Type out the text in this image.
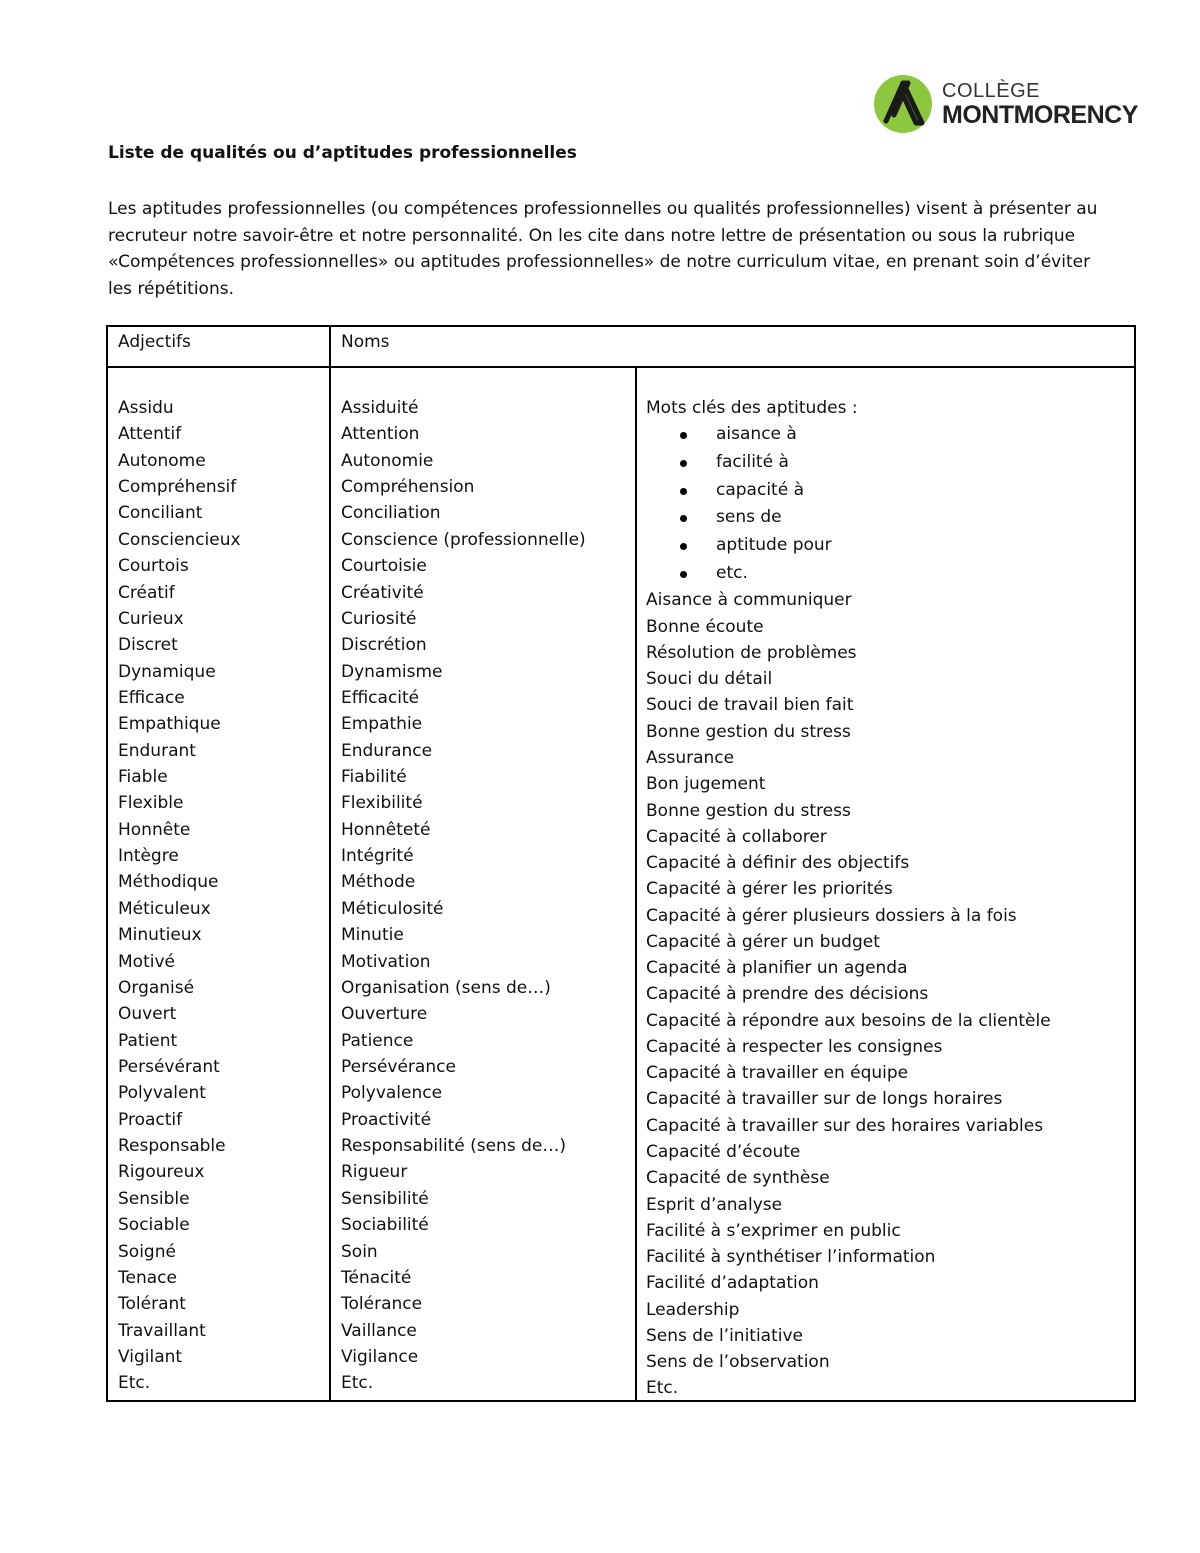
COLLÈGE
MONTMORENCY
Liste de qualités ou d’aptitudes professionnelles

Les aptitudes professionnelles (ou compétences professionnelles ou qualités professionnelles) visent à présenter au recruteur notre savoir-être et notre personnalité. On les cite dans notre lettre de présentation ou sous la rubrique «Compétences professionnelles» ou aptitudes professionnelles» de notre curriculum vitae, en prenant soin d’éviter les répétitions.

Adjectifs	Noms
Assidu
Attentif
Autonome
Compréhensif
Conciliant
Consciencieux
Courtois
Créatif
Curieux
Discret
Dynamique
Efficace
Empathique
Endurant
Fiable
Flexible
Honnête
Intègre
Méthodique
Méticuleux
Minutieux
Motivé
Organisé
Ouvert
Patient
Persévérant
Polyvalent
Proactif
Responsable
Rigoureux
Sensible
Sociable
Soigné
Tenace
Tolérant
Travaillant
Vigilant
Etc.
Assiduité
Attention
Autonomie
Compréhension
Conciliation
Conscience (professionnelle)
Courtoisie
Créativité
Curiosité
Discrétion
Dynamisme
Efficacité
Empathie
Endurance
Fiabilité
Flexibilité
Honnêteté
Intégrité
Méthode
Méticulosité
Minutie
Motivation
Organisation (sens de…)
Ouverture
Patience
Persévérance
Polyvalence
Proactivité
Responsabilité (sens de…)
Rigueur
Sensibilité
Sociabilité
Soin
Ténacité
Tolérance
Vaillance
Vigilance
Etc.
Mots clés des aptitudes :
aisance à
facilité à
capacité à
sens de
aptitude pour
etc.
Aisance à communiquer
Bonne écoute
Résolution de problèmes
Souci du détail
Souci de travail bien fait
Bonne gestion du stress
Assurance
Bon jugement
Bonne gestion du stress
Capacité à collaborer
Capacité à définir des objectifs
Capacité à gérer les priorités
Capacité à gérer plusieurs dossiers à la fois
Capacité à gérer un budget
Capacité à planifier un agenda
Capacité à prendre des décisions
Capacité à répondre aux besoins de la clientèle
Capacité à respecter les consignes
Capacité à travailler en équipe
Capacité à travailler sur de longs horaires
Capacité à travailler sur des horaires variables
Capacité d’écoute
Capacité de synthèse
Esprit d’analyse
Facilité à s’exprimer en public
Facilité à synthétiser l’information
Facilité d’adaptation
Leadership
Sens de l’initiative
Sens de l’observation
Etc.
